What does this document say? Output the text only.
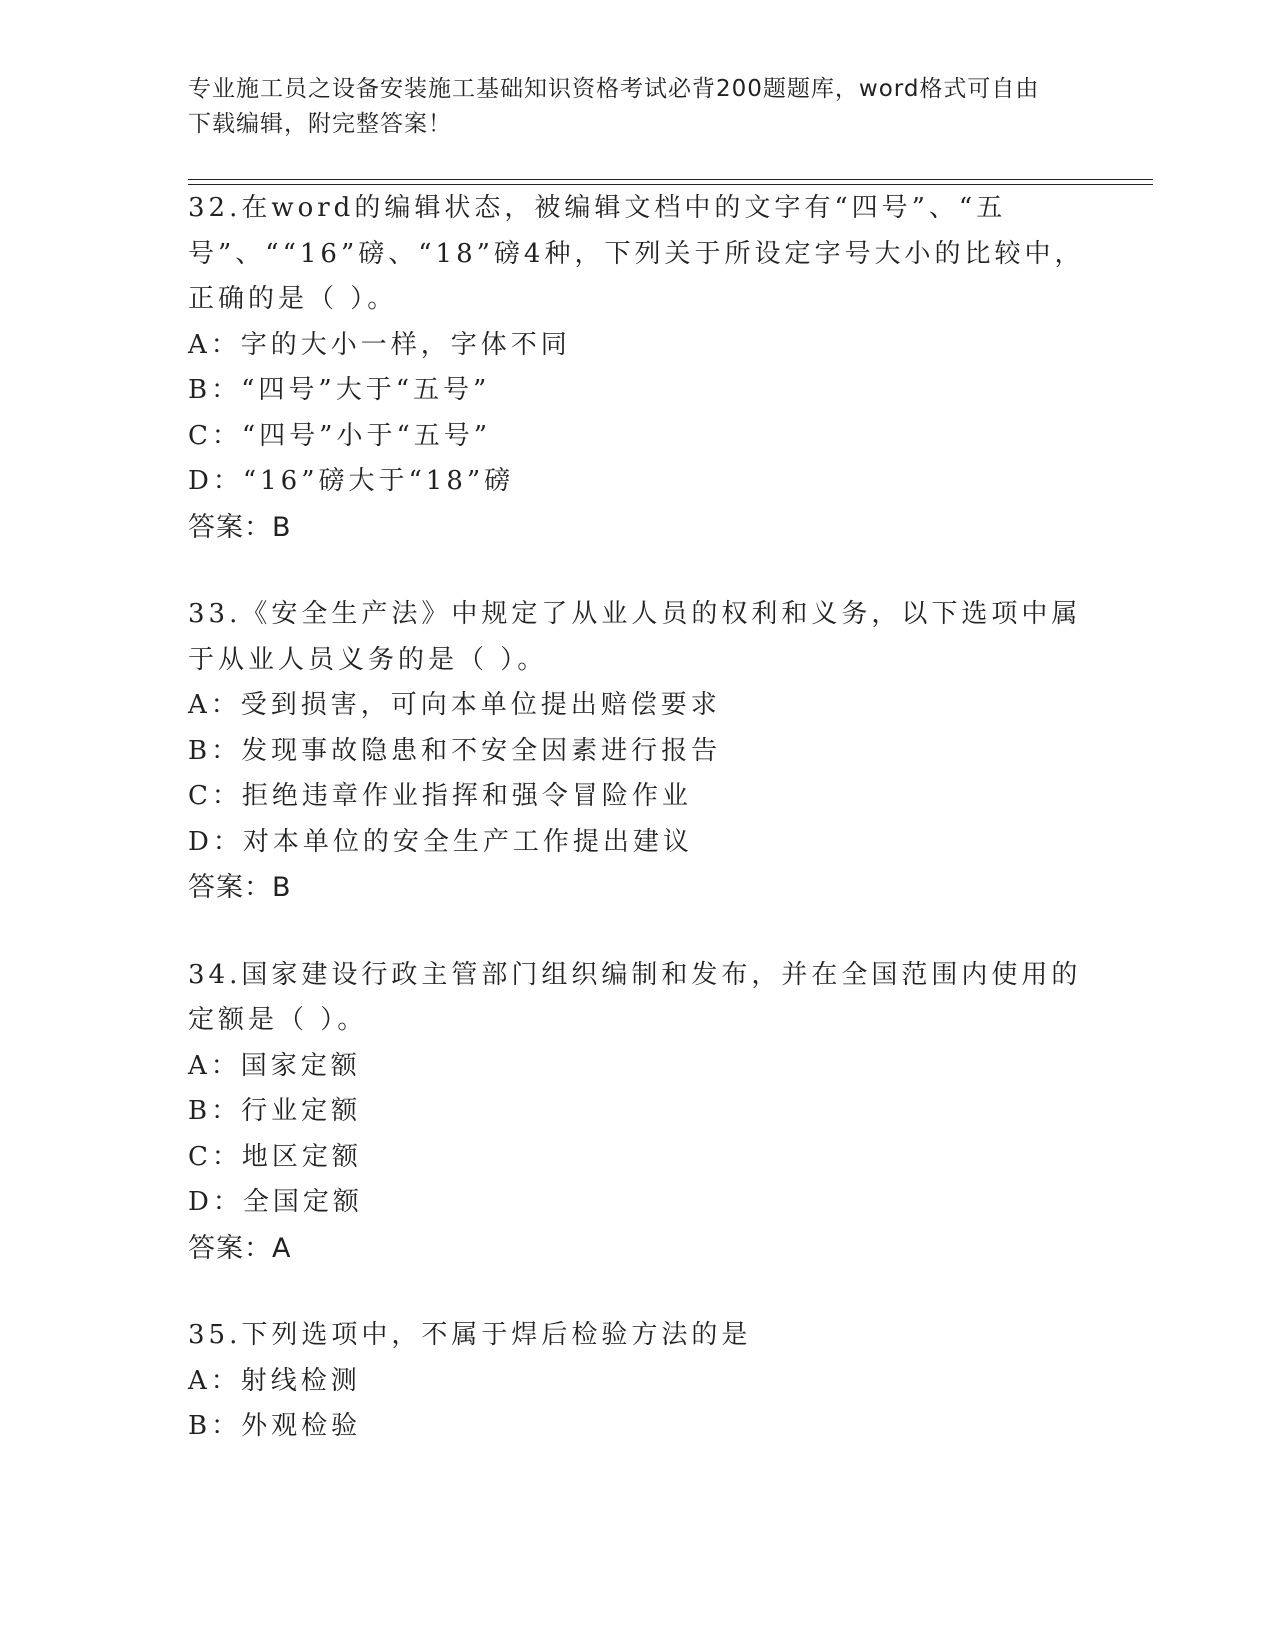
专业施工员之设备安装施工基础知识资格考试必背200题题库，word格式可自由
下载编辑，附完整答案！
32.在word的编辑状态，被编辑文档中的文字有“四号”、“五号”、““16”磅、“18”磅4种，下列关于所设定字号大小的比较中，正确的是（ ）。
A：字的大小一样，字体不同
B：“四号”大于“五号”
C：“四号”小于“五号”
D：“16”磅大于“18”磅
答案：B
33.《安全生产法》中规定了从业人员的权利和义务，以下选项中属于从业人员义务的是（ ）。
A：受到损害，可向本单位提出赔偿要求
B：发现事故隐患和不安全因素进行报告
C：拒绝违章作业指挥和强令冒险作业
D：对本单位的安全生产工作提出建议
答案：B
34.国家建设行政主管部门组织编制和发布，并在全国范围内使用的定额是（ ）。
A：国家定额
B：行业定额
C：地区定额
D：全国定额
答案：A
35.下列选项中，不属于焊后检验方法的是
A：射线检测
B：外观检验
